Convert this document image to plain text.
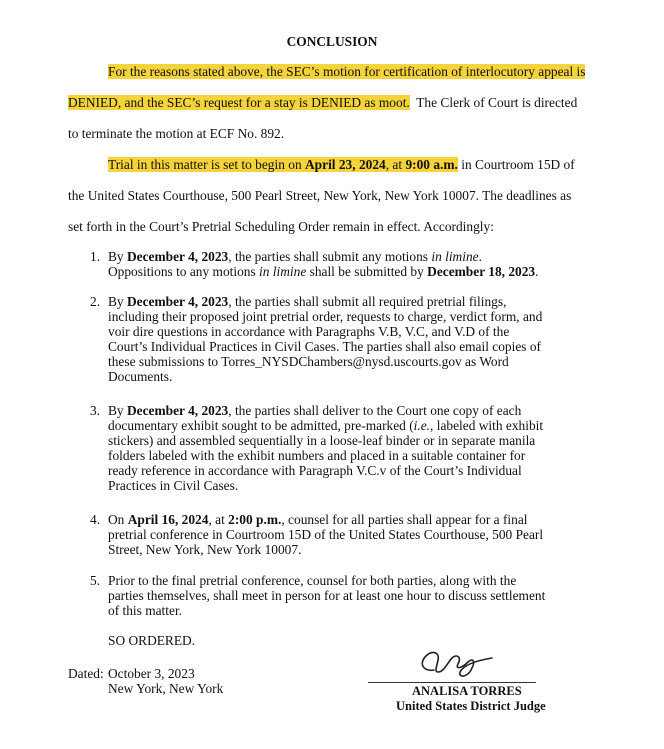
CONCLUSION
For the reasons stated above, the SEC’s motion for certification of interlocutory appeal is
DENIED, and the SEC’s request for a stay is DENIED as moot. The Clerk of Court is directed
to terminate the motion at ECF No. 892.
Trial in this matter is set to begin on April 23, 2024, at 9:00 a.m. in Courtroom 15D of
the United States Courthouse, 500 Pearl Street, New York, New York 10007. The deadlines as
set forth in the Court’s Pretrial Scheduling Order remain in effect. Accordingly:
1. By December 4, 2023, the parties shall submit any motions in limine.
Oppositions to any motions in limine shall be submitted by December 18, 2023.
2. By December 4, 2023, the parties shall submit all required pretrial filings,
including their proposed joint pretrial order, requests to charge, verdict form, and
voir dire questions in accordance with Paragraphs V.B, V.C, and V.D of the
Court’s Individual Practices in Civil Cases. The parties shall also email copies of
these submissions to Torres_NYSDChambers@nysd.uscourts.gov as Word
Documents.
3. By December 4, 2023, the parties shall deliver to the Court one copy of each
documentary exhibit sought to be admitted, pre-marked (i.e., labeled with exhibit
stickers) and assembled sequentially in a loose-leaf binder or in separate manila
folders labeled with the exhibit numbers and placed in a suitable container for
ready reference in accordance with Paragraph V.C.v of the Court’s Individual
Practices in Civil Cases.
4. On April 16, 2024, at 2:00 p.m., counsel for all parties shall appear for a final
pretrial conference in Courtroom 15D of the United States Courthouse, 500 Pearl
Street, New York, New York 10007.
5. Prior to the final pretrial conference, counsel for both parties, along with the
parties themselves, shall meet in person for at least one hour to discuss settlement
of this matter.
SO ORDERED.
Dated: October 3, 2023
New York, New York	ANALISA TORRES
United States District Judge
